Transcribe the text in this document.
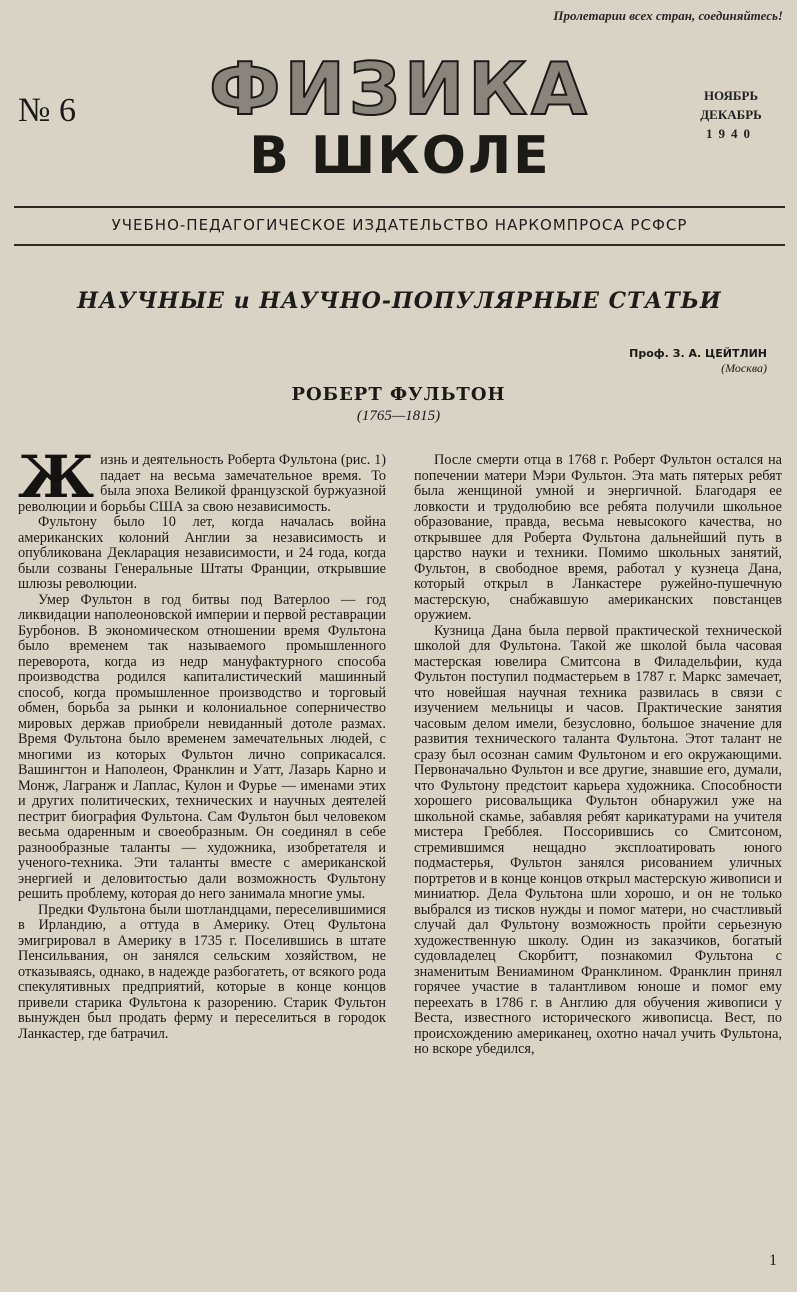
Пролетарии всех стран, соединяйтесь!
№ 6	ФИЗИКА
В ШКОЛЕ
НОЯБРЬ
ДЕКАБРЬ
1940
УЧЕБНО-ПЕДАГОГИЧЕСКОЕ ИЗДАТЕЛЬСТВО НАРКОМПРОСА РСФСР
НАУЧНЫЕ и НАУЧНО-ПОПУЛЯРНЫЕ СТАТЬИ
Проф. З. А. ЦЕЙТЛИН
(Москва)
РОБЕРТ ФУЛЬТОН
(1765—1815)

Жизнь и деятельность Роберта Фультона (рис. 1) падает на весьма замечательное время. То была эпоха Великой французской буржуазной революции и борьбы США за свою независимость.

Фультону было 10 лет, когда началась война американских колоний Англии за независимость и опубликована Декларация независимости, и 24 года, когда были созваны Генеральные Штаты Франции, открывшие шлюзы революции.

Умер Фультон в год битвы под Ватерлоо — год ликвидации наполеоновской империи и первой реставрации Бурбонов. В экономическом отношении время Фультона было временем так называемого промышленного переворота, когда из недр мануфактурного способа производства родился капиталистический машинный способ, когда промышленное производство и торговый обмен, борьба за рынки и колониальное соперничество мировых держав приобрели невиданный дотоле размах. Время Фультона было временем замечательных людей, с многими из которых Фультон лично соприкасался. Вашингтон и Наполеон, Франклин и Уатт, Лазарь Карно и Монж, Лагранж и Лаплас, Кулон и Фурье — именами этих и других политических, технических и научных деятелей пестрит биография Фультона. Сам Фультон был человеком весьма одаренным и своеобразным. Он соединял в себе разнообразные таланты — художника, изобретателя и ученого-техника. Эти таланты вместе с американской энергией и деловитостью дали возможность Фультону решить проблему, которая до него занимала многие умы.

Предки Фультона были шотландцами, переселившимися в Ирландию, а оттуда в Америку. Отец Фультона эмигрировал в Америку в 1735 г. Поселившись в штате Пенсильвания, он занялся сельским хозяйством, не отказываясь, однако, в надежде разбогатеть, от всякого рода спекулятивных предприятий, которые в конце концов привели старика Фультона к разорению. Старик Фультон вынужден был продать ферму и переселиться в городок Ланкастер, где батрачил.

После смерти отца в 1768 г. Роберт Фультон остался на попечении матери Мэри Фультон. Эта мать пятерых ребят была женщиной умной и энергичной. Благодаря ее ловкости и трудолюбию все ребята получили школьное образование, правда, весьма невысокого качества, но открывшее для Роберта Фультона дальнейший путь в царство науки и техники. Помимо школьных занятий, Фультон, в свободное время, работал у кузнеца Дана, который открыл в Ланкастере ружейно-пушечную мастерскую, снабжавшую американских повстанцев оружием.

Кузница Дана была первой практической технической школой для Фультона. Такой же школой была часовая мастерская ювелира Смитсона в Филадельфии, куда Фультон поступил подмастерьем в 1787 г. Маркс замечает, что новейшая научная техника развилась в связи с изучением мельницы и часов. Практические занятия часовым делом имели, безусловно, большое значение для развития технического таланта Фультона. Этот талант не сразу был осознан самим Фультоном и его окружающими. Первоначально Фультон и все другие, знавшие его, думали, что Фультону предстоит карьера художника. Способности хорошего рисовальщика Фультон обнаружил уже на школьной скамье, забавляя ребят карикатурами на учителя мистера Гребблея. Поссорившись со Смитсоном, стремившимся нещадно эксплоатировать юного подмастерья, Фультон занялся рисованием уличных портретов и в конце концов открыл мастерскую живописи и миниатюр. Дела Фультона шли хорошо, и он не только выбрался из тисков нужды и помог матери, но счастливый случай дал Фультону возможность пройти серьезную художественную школу. Один из заказчиков, богатый судовладелец Скорбитт, познакомил Фультона с знаменитым Вениамином Франклином. Франклин принял горячее участие в талантливом юноше и помог ему переехать в 1786 г. в Англию для обучения живописи у Веста, известного исторического живописца. Вест, по происхождению американец, охотно начал учить Фультона, но вскоре убедился,

1
